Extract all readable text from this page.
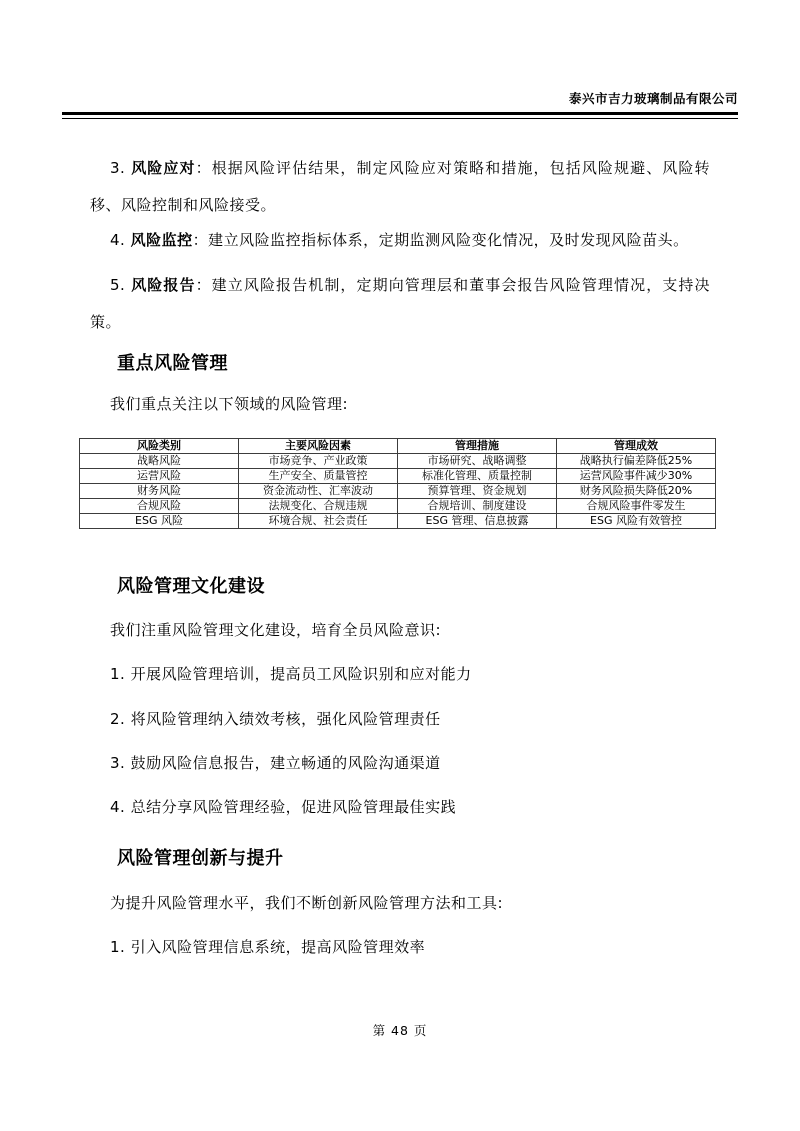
泰兴市吉力玻璃制品有限公司

3. 风险应对：根据风险评估结果，制定风险应对策略和措施，包括风险规避、风险转移、风险控制和风险接受。

4. 风险监控：建立风险监控指标体系，定期监测风险变化情况，及时发现风险苗头。

5. 风险报告：建立风险报告机制，定期向管理层和董事会报告风险管理情况，支持决策。

重点风险管理

我们重点关注以下领域的风险管理:

风险类别	主要风险因素	管理措施	管理成效
战略风险	市场竞争、产业政策	市场研究、战略调整	战略执行偏差降低25%
运营风险	生产安全、质量管控	标准化管理、质量控制	运营风险事件减少30%
财务风险	资金流动性、汇率波动	预算管理、资金规划	财务风险损失降低20%
合规风险	法规变化、合规违规	合规培训、制度建设	合规风险事件零发生
ESG 风险	环境合规、社会责任	ESG 管理、信息披露	ESG 风险有效管控
风险管理文化建设

我们注重风险管理文化建设，培育全员风险意识:

1. 开展风险管理培训，提高员工风险识别和应对能力

2. 将风险管理纳入绩效考核，强化风险管理责任

3. 鼓励风险信息报告，建立畅通的风险沟通渠道

4. 总结分享风险管理经验，促进风险管理最佳实践

风险管理创新与提升

为提升风险管理水平，我们不断创新风险管理方法和工具:

1. 引入风险管理信息系统，提高风险管理效率

第 48 页
